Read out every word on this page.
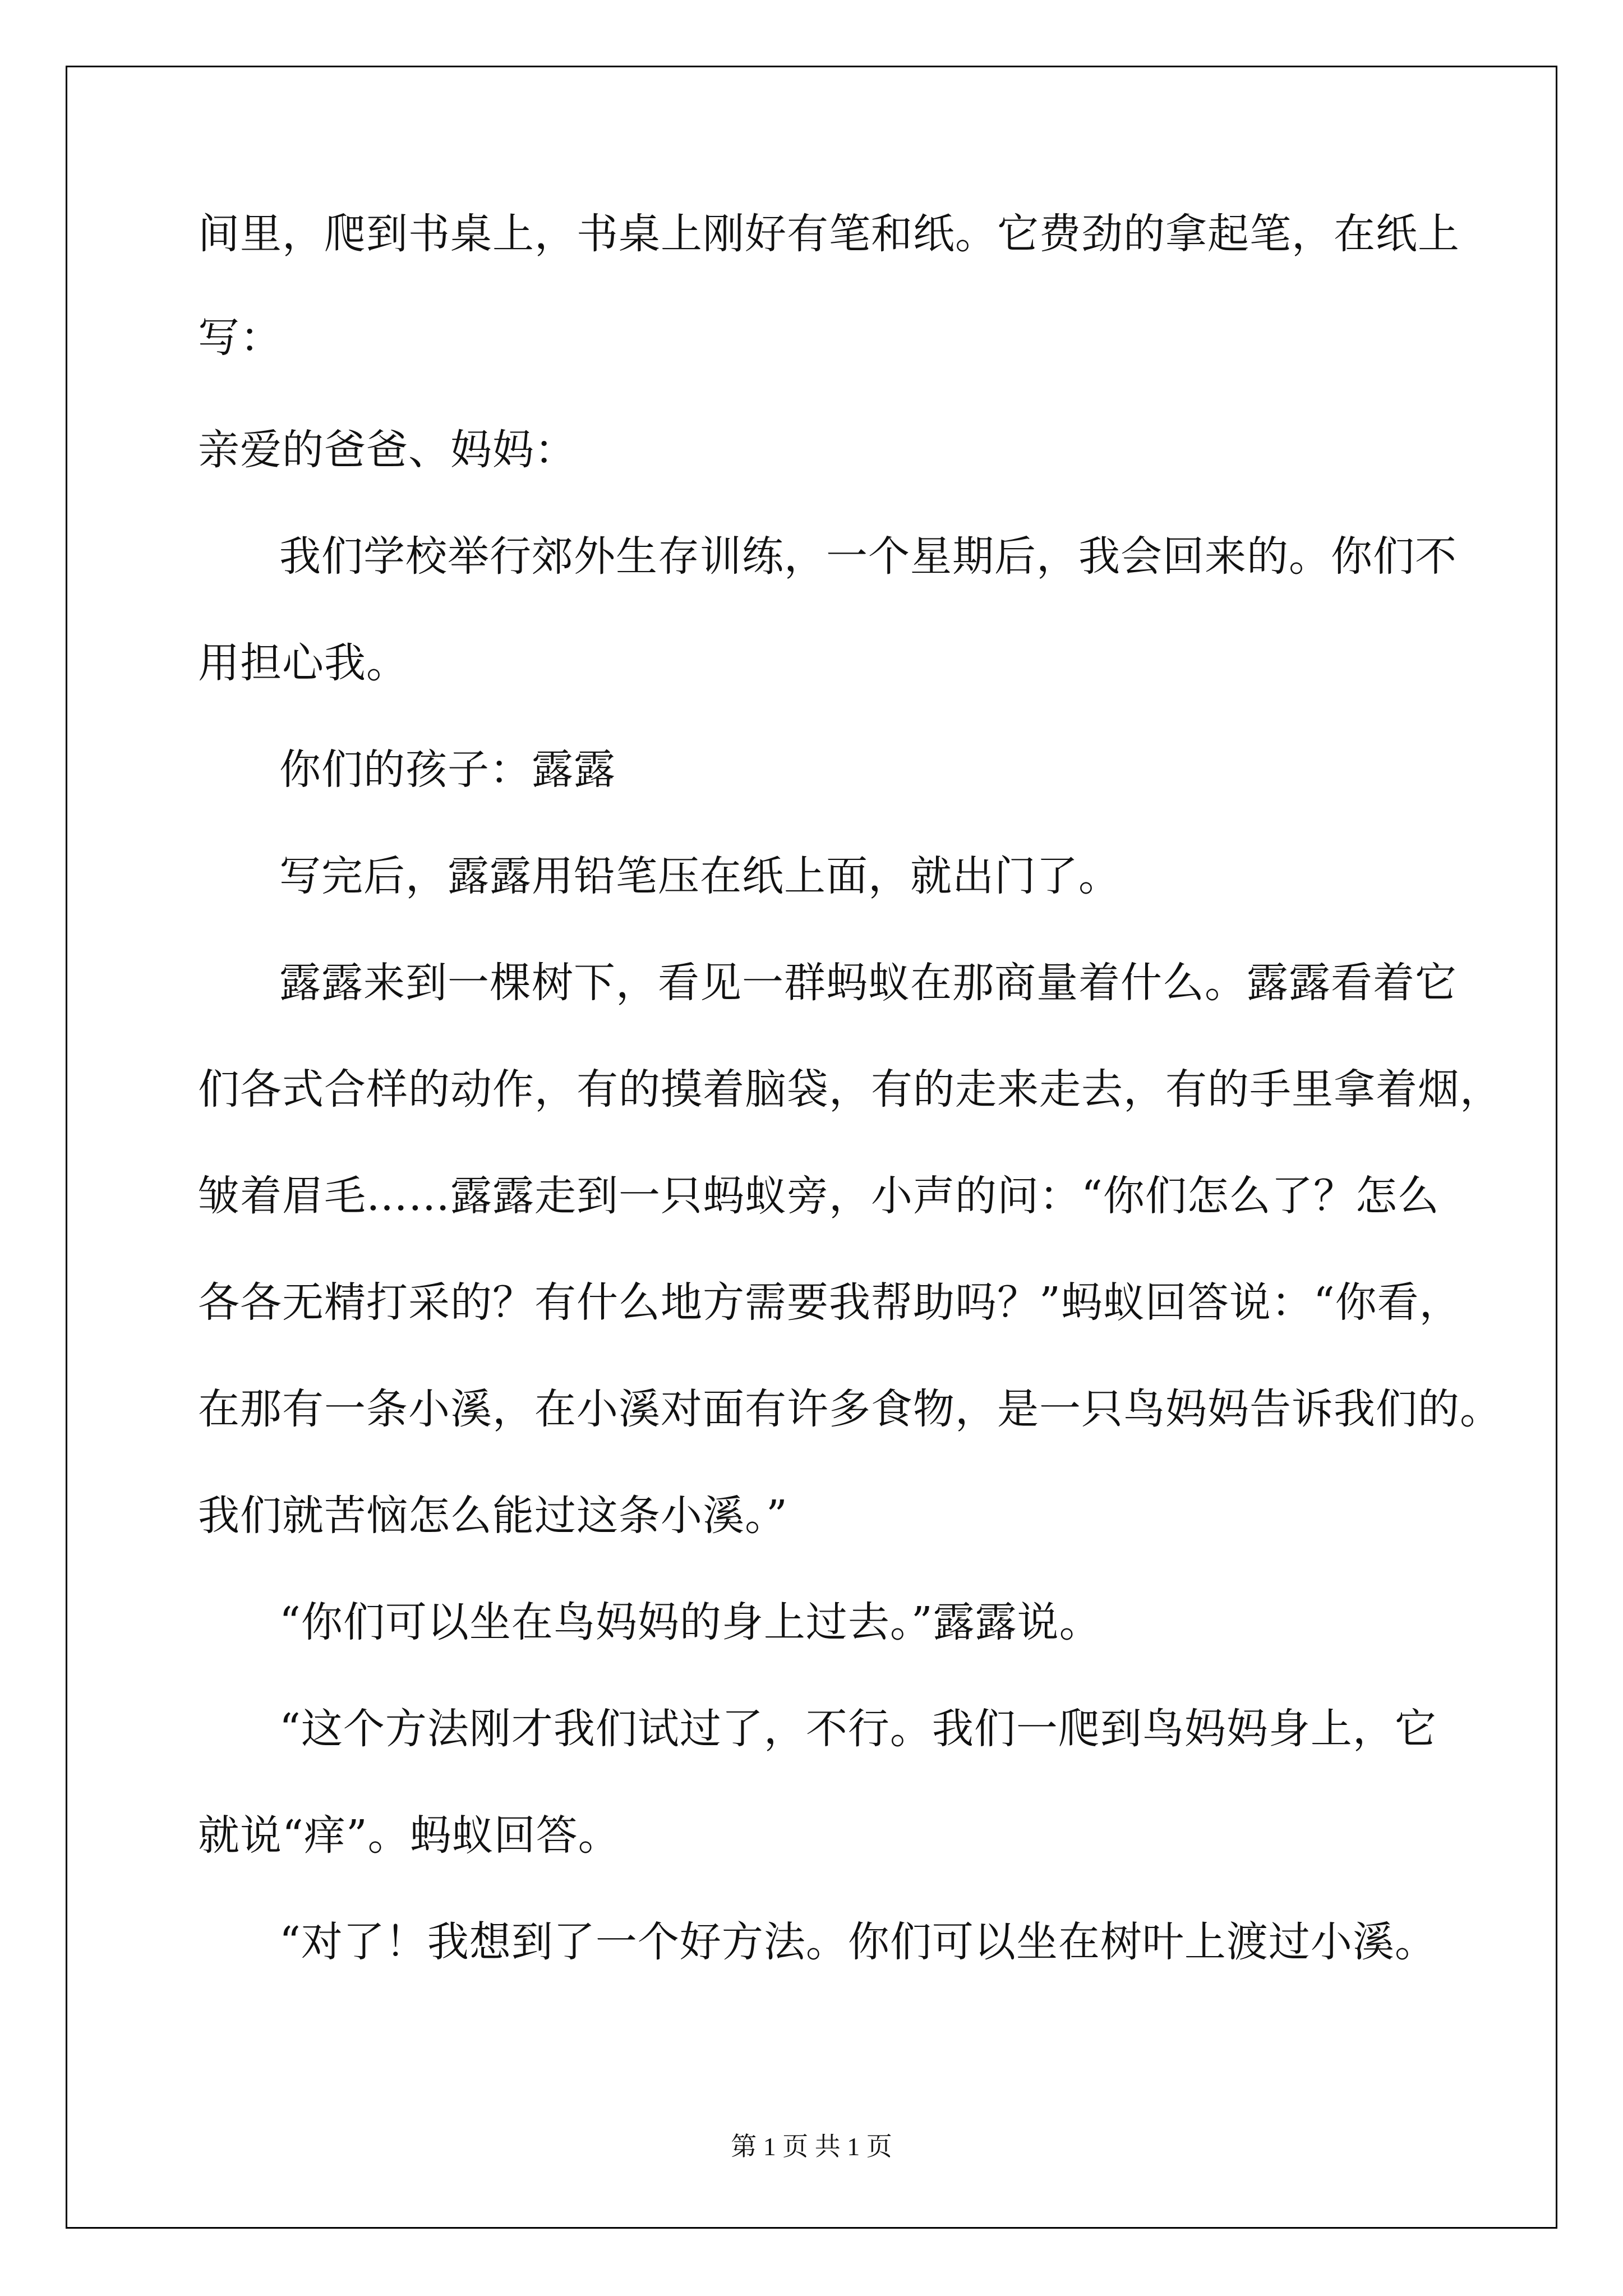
间里，爬到书桌上，书桌上刚好有笔和纸。它费劲的拿起笔，在纸上
写：
亲爱的爸爸、妈妈：
我们学校举行郊外生存训练，一个星期后，我会回来的。你们不
用担心我。
你们的孩子：露露
写完后，露露用铅笔压在纸上面，就出门了。
露露来到一棵树下，看见一群蚂蚁在那商量着什么。露露看着它
们各式合样的动作，有的摸着脑袋，有的走来走去，有的手里拿着烟，
皱着眉毛……露露走到一只蚂蚁旁，小声的问：“你们怎么了？怎么
各各无精打采的？有什么地方需要我帮助吗？”蚂蚁回答说：“你看，
在那有一条小溪，在小溪对面有许多食物，是一只鸟妈妈告诉我们的。
我们就苦恼怎么能过这条小溪。”
“你们可以坐在鸟妈妈的身上过去。”露露说。
“这个方法刚才我们试过了，不行。我们一爬到鸟妈妈身上，它
就说“痒”。蚂蚁回答。
“对了！我想到了一个好方法。你们可以坐在树叶上渡过小溪。
第 1 页 共 1 页
